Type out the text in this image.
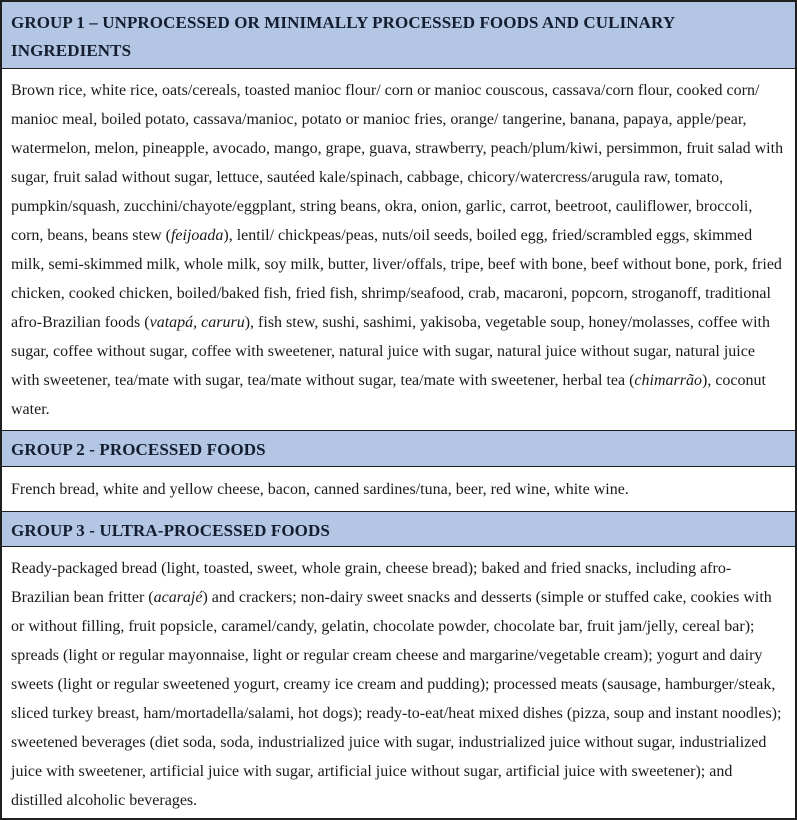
GROUP 1 – UNPROCESSED OR MINIMALLY PROCESSED FOODS AND CULINARY INGREDIENTS
Brown rice, white rice, oats/cereals, toasted manioc flour/ corn or manioc couscous, cassava/corn flour, cooked corn/ manioc meal, boiled potato, cassava/manioc, potato or manioc fries, orange/ tangerine, banana, papaya, apple/pear, watermelon, melon, pineapple, avocado, mango, grape, guava, strawberry, peach/plum/kiwi, persimmon, fruit salad with sugar, fruit salad without sugar, lettuce, sautéed kale/spinach, cabbage, chicory/watercress/arugula raw, tomato, pumpkin/squash, zucchini/chayote/eggplant, string beans, okra, onion, garlic, carrot, beetroot, cauliflower, broccoli, corn, beans, beans stew (feijoada), lentil/ chickpeas/peas, nuts/oil seeds, boiled egg, fried/scrambled eggs, skimmed milk, semi-skimmed milk, whole milk, soy milk, butter, liver/offals, tripe, beef with bone, beef without bone, pork, fried chicken, cooked chicken, boiled/baked fish, fried fish, shrimp/seafood, crab, macaroni, popcorn, stroganoff, traditional afro-Brazilian foods (vatapá, caruru), fish stew, sushi, sashimi, yakisoba, vegetable soup, honey/molasses, coffee with sugar, coffee without sugar, coffee with sweetener, natural juice with sugar, natural juice without sugar, natural juice with sweetener, tea/mate with sugar, tea/mate without sugar, tea/mate with sweetener, herbal tea (chimarrão), coconut water.
GROUP 2 - PROCESSED FOODS
French bread, white and yellow cheese, bacon, canned sardines/tuna, beer, red wine, white wine.
GROUP 3 - ULTRA-PROCESSED FOODS
Ready-packaged bread (light, toasted, sweet, whole grain, cheese bread); baked and fried snacks, including afro-Brazilian bean fritter (acarajé) and crackers; non-dairy sweet snacks and desserts (simple or stuffed cake, cookies with or without filling, fruit popsicle, caramel/candy, gelatin, chocolate powder, chocolate bar, fruit jam/jelly, cereal bar); spreads (light or regular mayonnaise, light or regular cream cheese and margarine/vegetable cream); yogurt and dairy sweets (light or regular sweetened yogurt, creamy ice cream and pudding); processed meats (sausage, hamburger/steak, sliced turkey breast, ham/mortadella/salami, hot dogs); ready-to-eat/heat mixed dishes (pizza, soup and instant noodles); sweetened beverages (diet soda, soda, industrialized juice with sugar, industrialized juice without sugar, industrialized juice with sweetener, artificial juice with sugar, artificial juice without sugar, artificial juice with sweetener); and distilled alcoholic beverages.
